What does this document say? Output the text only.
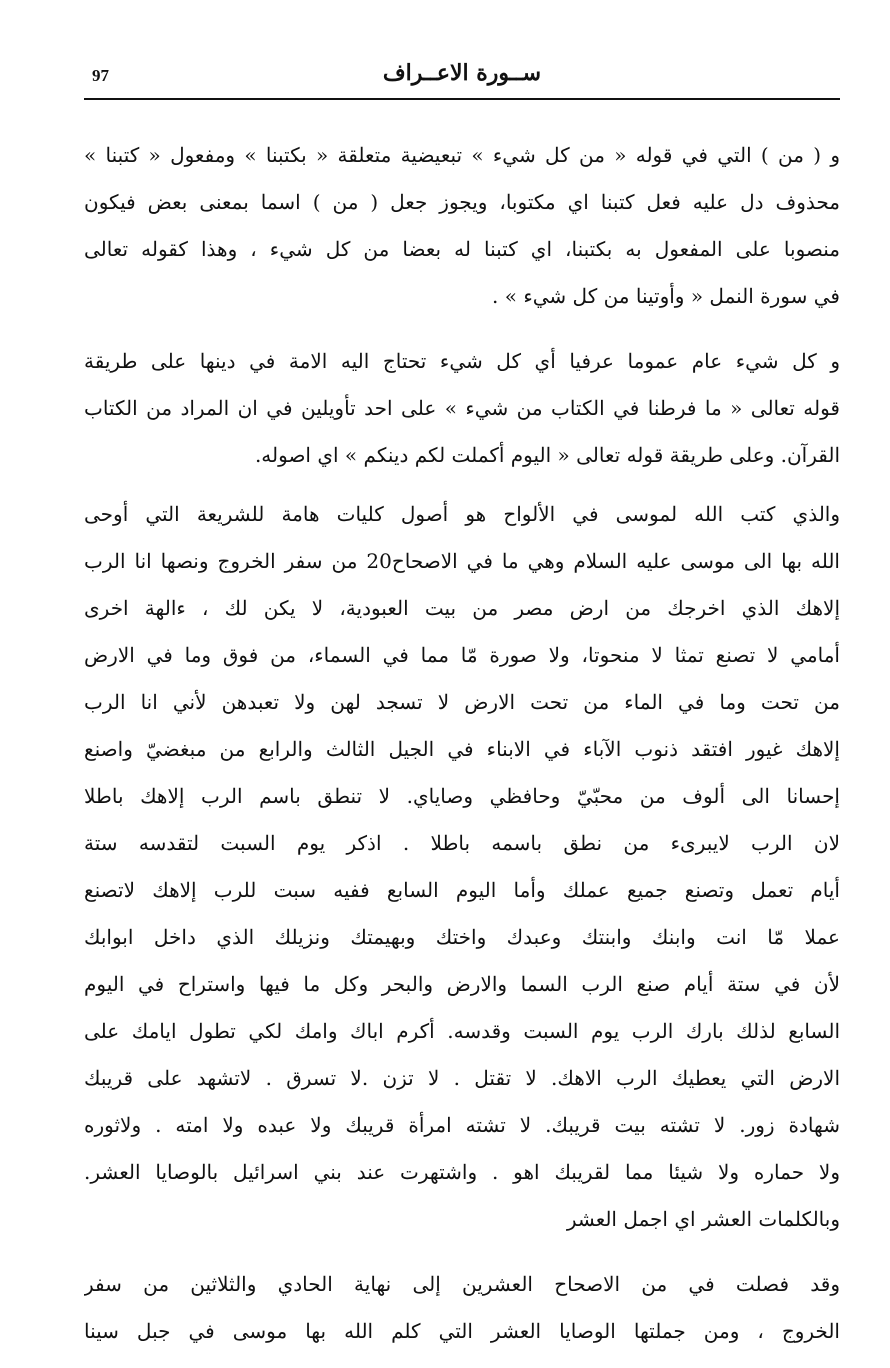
97	ســورة الاعــراف
و ( من ) التي في قوله « من كل شيء » تبعيضية متعلقة « بكتبنا » ومفعول « كتبنا »
محذوف دل عليه فعل كتبنا اي مكتوبا، ويجوز جعل ( من ) اسما بمعنى بعض فيكون
منصوبا على المفعول به بكتبنا، اي كتبنا له بعضا من كل شيء ، وهذا كقوله تعالى
في سورة النمل « وأوتينا من كل شيء » .
و كل شيء عام عموما عرفيا أي كل شيء تحتاج اليه الامة في دينها على طريقة
قوله تعالى « ما فرطنا في الكتاب من شيء » على احد تأويلين في ان المراد من الكتاب
القرآن. وعلى طريقة قوله تعالى « اليوم أكملت لكم دينكم » اي اصوله.
والذي كتب الله لموسى في الألواح هو أصول كليات هامة للشريعة التي أوحى
الله بها الى موسى عليه السلام وهي ما في الاصحاح20 من سفر الخروج ونصها انا الرب
إلاهك الذي اخرجك من ارض مصر من بيت العبودية، لا يكن لك ، ءالهة اخرى
أمامي لا تصنع تمثا لا منحوتا، ولا صورة مّا مما في السماء، من فوق وما في الارض
من تحت وما في الماء من تحت الارض لا تسجد لهن ولا تعبدهن لأني انا الرب
إلاهك غيور افتقد ذنوب الآباء في الابناء في الجيل الثالث والرابع من مبغضيّ واصنع
إحسانا الى ألوف من محبّيّ وحافظي وصاياي. لا تنطق باسم الرب إلاهك باطلا
لان الرب لايبرىء من نطق باسمه باطلا . اذكر يوم السبت لتقدسه ستة
أيام تعمل وتصنع جميع عملك وأما اليوم السابع ففيه سبت للرب إلاهك لاتصنع
عملا مّا انت وابنك وابنتك وعبدك واختك وبهيمتك ونزيلك الذي داخل ابوابك
لأن في ستة أيام صنع الرب السما والارض والبحر وكل ما فيها واستراح في اليوم
السابع لذلك بارك الرب يوم السبت وقدسه. أكرم اباك وامك لكي تطول ايامك على
الارض التي يعطيك الرب الاهك. لا تقتل . لا تزن .لا تسرق . لاتشهد على قريبك
شهادة زور. لا تشته بيت قريبك. لا تشته امرأة قريبك ولا عبده ولا امته . ولاثوره
ولا حماره ولا شيئا مما لقريبك اهو . واشتهرت عند بني اسرائيل بالوصايا العشر.
وبالكلمات العشر اي اجمل العشر
وقد فصلت في من الاصحاح العشرين إلى نهاية الحادي والثلاثين من سفر
الخروج ، ومن جملتها الوصايا العشر التي كلم الله بها موسى في جبل سينا
